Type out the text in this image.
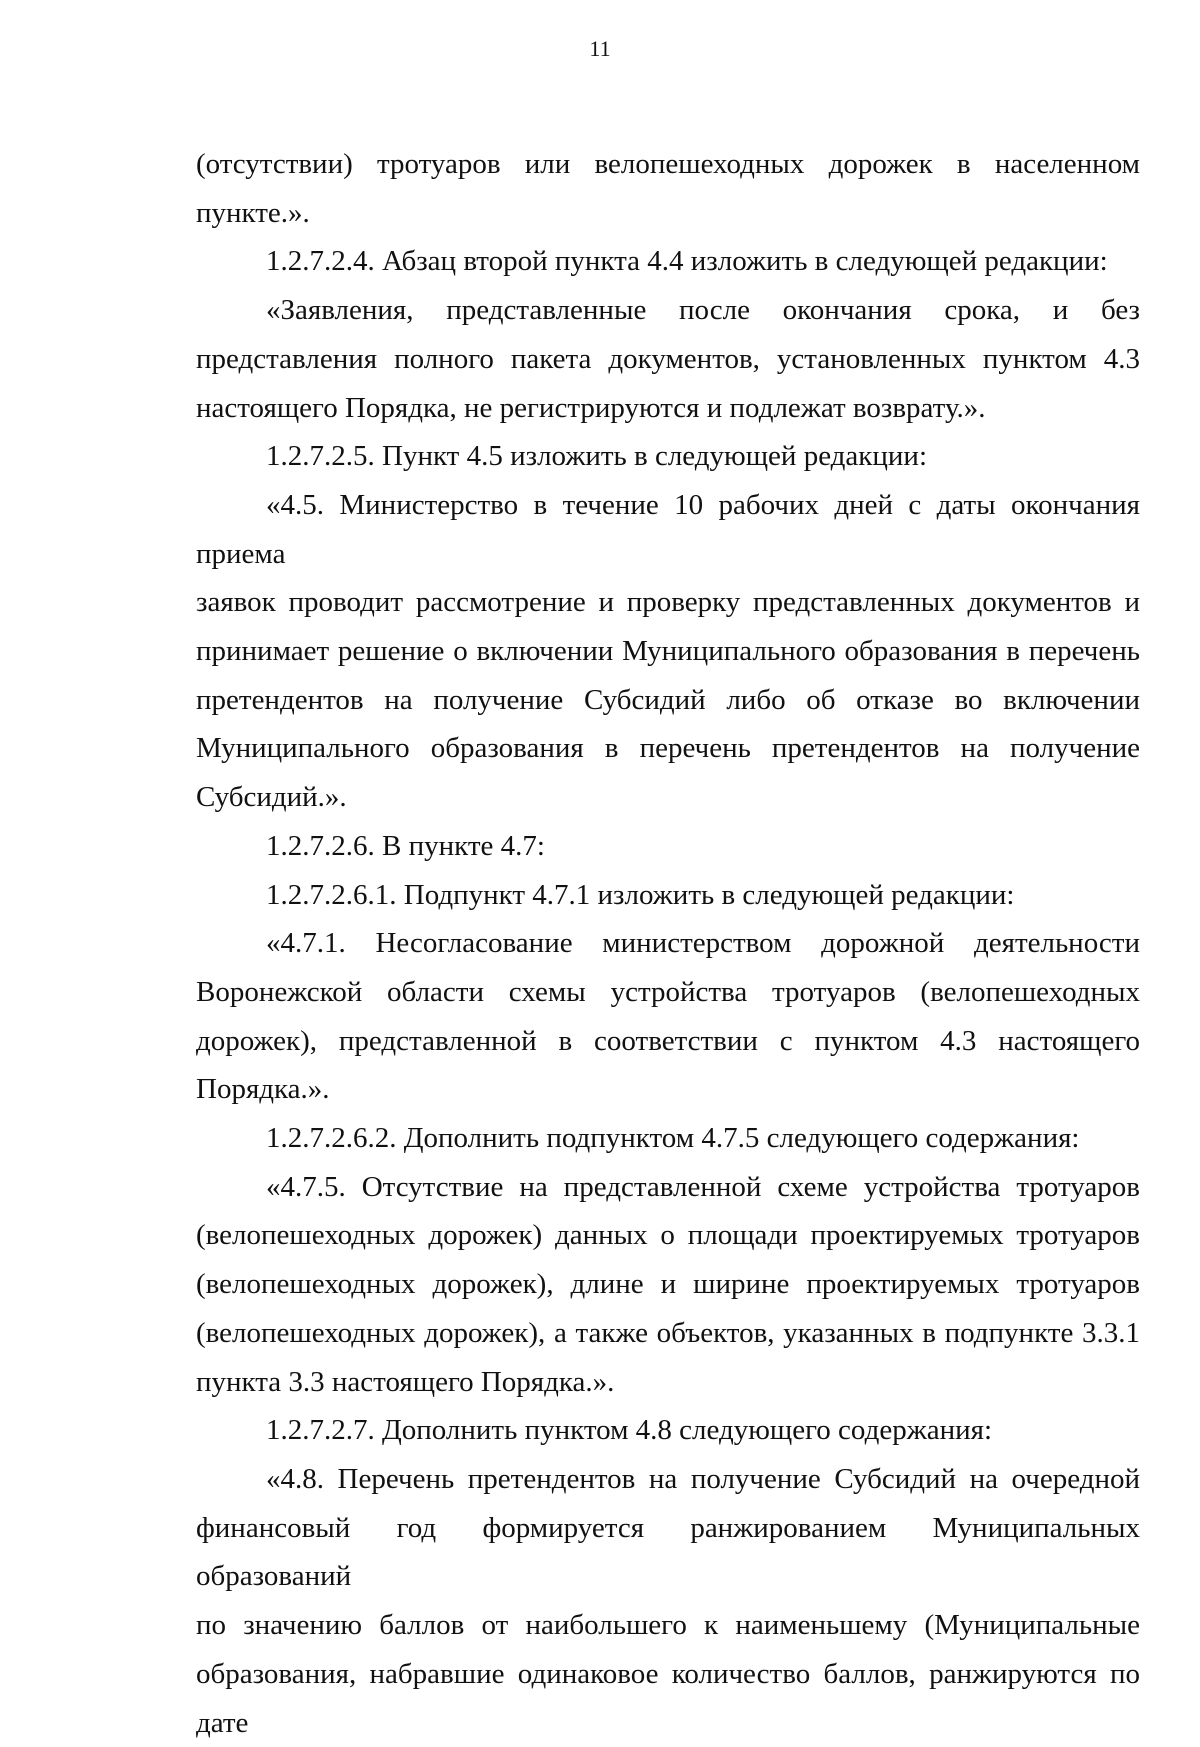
11

(отсутствии) тротуаров или велопешеходных дорожек в населенном пункте.».

1.2.7.2.4. Абзац второй пункта 4.4 изложить в следующей редакции:

«Заявления, представленные после окончания срока, и без

представления полного пакета документов, установленных пунктом 4.3

настоящего Порядка, не регистрируются и подлежат возврату.».

1.2.7.2.5. Пункт 4.5 изложить в следующей редакции:

«4.5. Министерство в течение 10 рабочих дней с даты окончания приема

заявок проводит рассмотрение и проверку представленных документов и

принимает решение о включении Муниципального образования в перечень

претендентов на получение Субсидий либо об отказе во включении

Муниципального образования в перечень претендентов на получение

Субсидий.».

1.2.7.2.6. В пункте 4.7:

1.2.7.2.6.1. Подпункт 4.7.1 изложить в следующей редакции:

«4.7.1. Несогласование министерством дорожной деятельности

Воронежской области схемы устройства тротуаров (велопешеходных

дорожек), представленной в соответствии с пунктом 4.3 настоящего

Порядка.».

1.2.7.2.6.2. Дополнить подпунктом 4.7.5 следующего содержания:

«4.7.5. Отсутствие на представленной схеме устройства тротуаров

(велопешеходных дорожек) данных о площади проектируемых тротуаров

(велопешеходных дорожек), длине и ширине проектируемых тротуаров

(велопешеходных дорожек), а также объектов, указанных в подпункте 3.3.1

пункта 3.3 настоящего Порядка.».

1.2.7.2.7. Дополнить пунктом 4.8 следующего содержания:

«4.8. Перечень претендентов на получение Субсидий на очередной

финансовый год формируется ранжированием Муниципальных образований

по значению баллов от наибольшего к наименьшему (Муниципальные

образования, набравшие одинаковое количество баллов, ранжируются по дате
